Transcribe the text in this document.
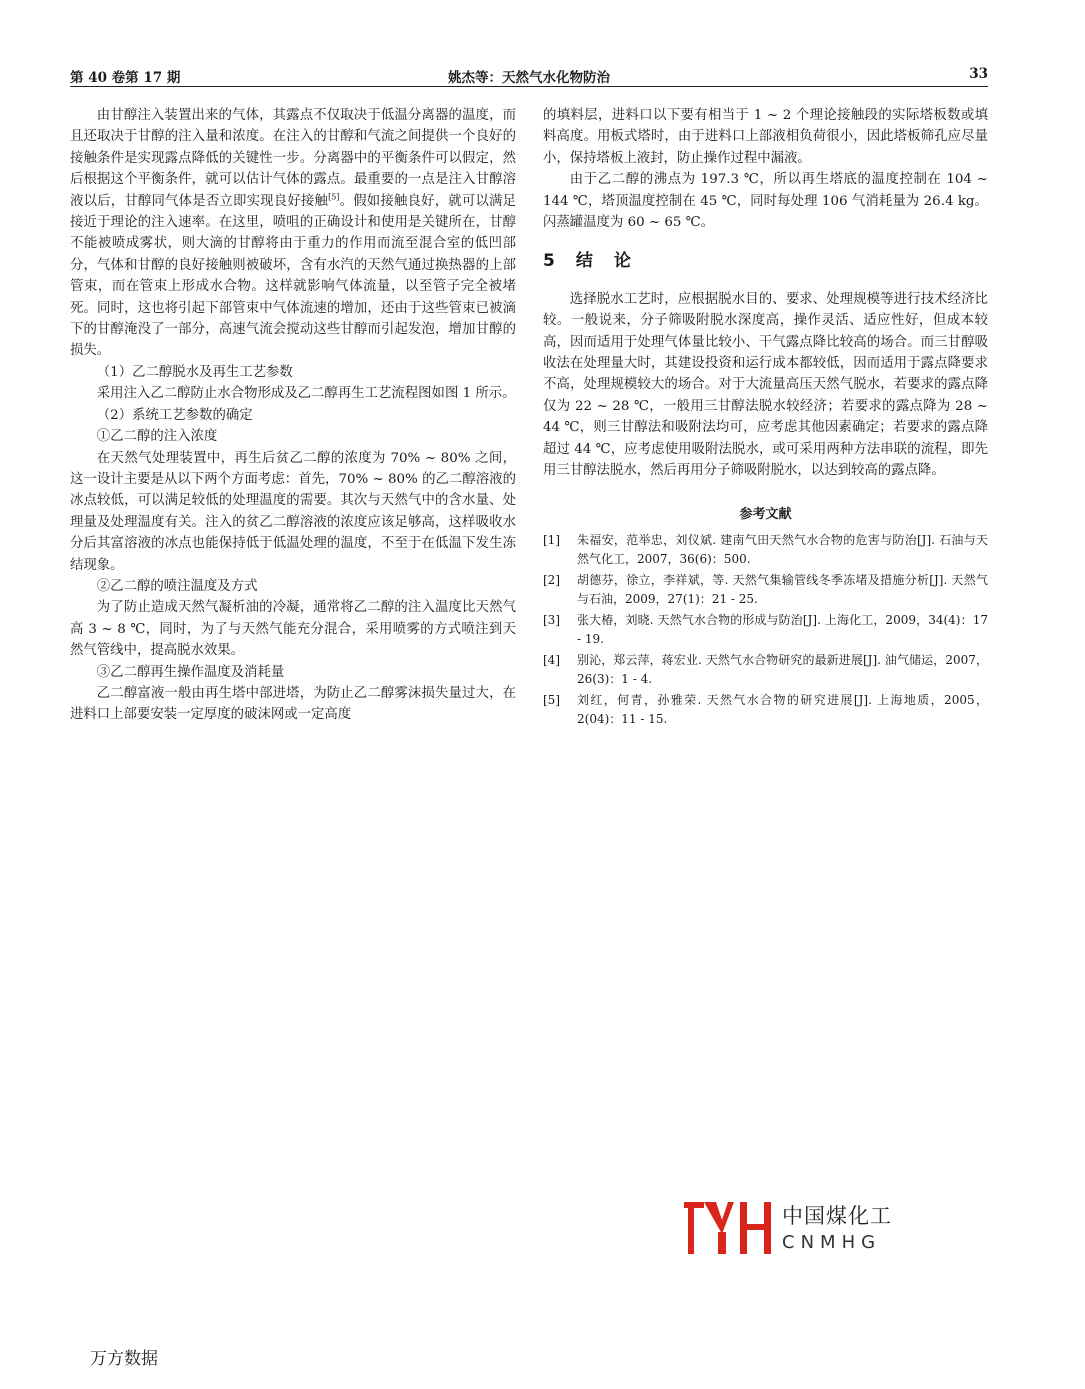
第 40 卷第 17 期	姚杰等：天然气水化物防治	33

由甘醇注入装置出来的气体，其露点不仅取决于低温分离器的温度，而且还取决于甘醇的注入量和浓度。在注入的甘醇和气流之间提供一个良好的接触条件是实现露点降低的关键性一步。分离器中的平衡条件可以假定，然后根据这个平衡条件，就可以估计气体的露点。最重要的一点是注入甘醇溶液以后，甘醇同气体是否立即实现良好接触[5]。假如接触良好，就可以满足接近于理论的注入速率。在这里，喷咀的正确设计和使用是关键所在，甘醇不能被喷成雾状，则大滴的甘醇将由于重力的作用而流至混合室的低凹部分，气体和甘醇的良好接触则被破坏，含有水汽的天然气通过换热器的上部管束，而在管束上形成水合物。这样就影响气体流量，以至管子完全被堵死。同时，这也将引起下部管束中气体流速的增加，还由于这些管束已被滴下的甘醇淹没了一部分，高速气流会搅动这些甘醇而引起发泡，增加甘醇的损失。

（1）乙二醇脱水及再生工艺参数

采用注入乙二醇防止水合物形成及乙二醇再生工艺流程图如图 1 所示。

（2）系统工艺参数的确定

①乙二醇的注入浓度

在天然气处理装置中，再生后贫乙二醇的浓度为 70% ~ 80% 之间，这一设计主要是从以下两个方面考虑：首先，70% ~ 80% 的乙二醇溶液的冰点较低，可以满足较低的处理温度的需要。其次与天然气中的含水量、处理量及处理温度有关。注入的贫乙二醇溶液的浓度应该足够高，这样吸收水分后其富溶液的冰点也能保持低于低温处理的温度，不至于在低温下发生冻结现象。

②乙二醇的喷注温度及方式

为了防止造成天然气凝析油的冷凝，通常将乙二醇的注入温度比天然气高 3 ~ 8 ℃，同时，为了与天然气能充分混合，采用喷雾的方式喷注到天然气管线中，提高脱水效果。

③乙二醇再生操作温度及消耗量

乙二醇富液一般由再生塔中部进塔，为防止乙二醇雾沫损失量过大，在进料口上部要安装一定厚度的破沫网或一定高度

的填料层，进料口以下要有相当于 1 ~ 2 个理论接触段的实际塔板数或填料高度。用板式塔时，由于进料口上部液相负荷很小，因此塔板筛孔应尽量小，保持塔板上液封，防止操作过程中漏液。

由于乙二醇的沸点为 197.3 ℃，所以再生塔底的温度控制在 104 ~ 144 ℃，塔顶温度控制在 45 ℃，同时每处理 106 气消耗量为 26.4 kg。闪蒸罐温度为 60 ~ 65 ℃。

5　结　论

选择脱水工艺时，应根据脱水目的、要求、处理规模等进行技术经济比较。一般说来，分子筛吸附脱水深度高，操作灵活、适应性好，但成本较高，因而适用于处理气体量比较小、干气露点降比较高的场合。而三甘醇吸收法在处理量大时，其建设投资和运行成本都较低，因而适用于露点降要求不高，处理规模较大的场合。对于大流量高压天然气脱水，若要求的露点降仅为 22 ~ 28 ℃，一般用三甘醇法脱水较经济；若要求的露点降为 28 ~ 44 ℃，则三甘醇法和吸附法均可，应考虑其他因素确定；若要求的露点降超过 44 ℃，应考虑使用吸附法脱水，或可采用两种方法串联的流程，即先用三甘醇法脱水，然后再用分子筛吸附脱水，以达到较高的露点降。

参考文献
[1]	朱福安，范举忠，刘仪斌. 建南气田天然气水合物的危害与防治[J]. 石油与天然气化工，2007，36(6)：500.
[2]	胡德芬，徐立，李祥斌，等. 天然气集输管线冬季冻堵及措施分析[J]. 天然气与石油，2009，27(1)：21 - 25.
[3]	张大椿，刘晓. 天然气水合物的形成与防治[J]. 上海化工，2009，34(4)：17 - 19.
[4]	别沁，郑云萍，蒋宏业. 天然气水合物研究的最新进展[J]. 油气储运，2007，26(3)：1 - 4.
[5]	刘红，何青，孙雅荣. 天然气水合物的研究进展[J]. 上海地质，2005，2(04)：11 - 15.
中国煤化工
CNMHG
万方数据
